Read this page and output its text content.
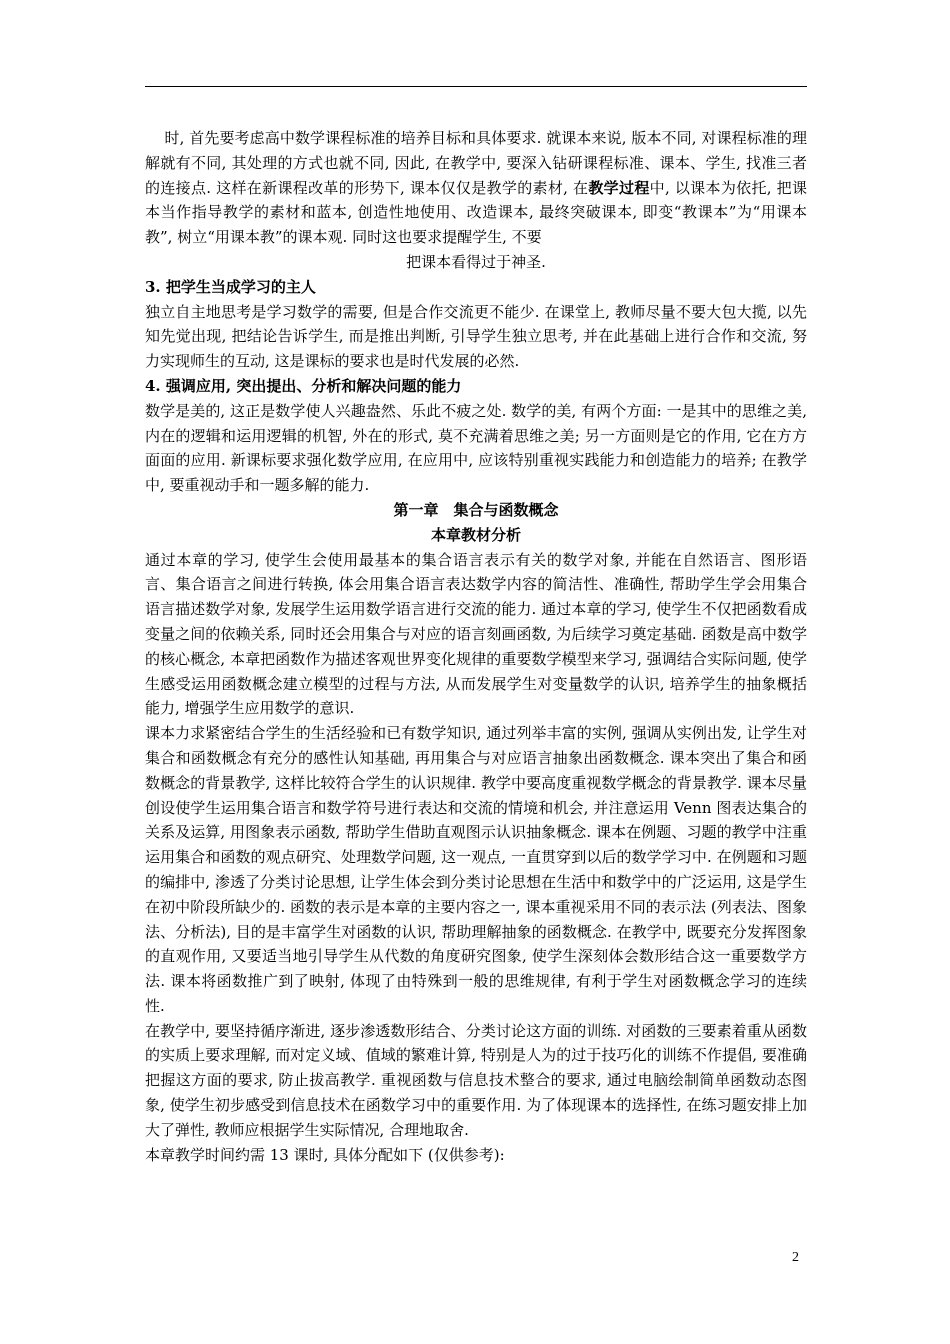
时, 首先要考虑高中数学课程标准的培养目标和具体要求. 就课本来说, 版本不同, 对课程标准的理解就有不同, 其处理的方式也就不同, 因此, 在教学中, 要深入钻研课程标准、课本、学生, 找准三者的连接点. 这样在新课程改革的形势下, 课本仅仅是教学的素材, 在教学过程中, 以课本为依托, 把课本当作指导教学的素材和蓝本, 创造性地使用、改造课本, 最终突破课本, 即变“教课本”为“用课本教”, 树立“用课本教”的课本观. 同时这也要求提醒学生, 不要

把课本看得过于神圣.

3. 把学生当成学习的主人

独立自主地思考是学习数学的需要, 但是合作交流更不能少. 在课堂上, 教师尽量不要大包大揽, 以先知先觉出现, 把结论告诉学生, 而是推出判断, 引导学生独立思考, 并在此基础上进行合作和交流, 努力实现师生的互动, 这是课标的要求也是时代发展的必然.

4. 强调应用, 突出提出、分析和解决问题的能力

数学是美的, 这正是数学使人兴趣盎然、乐此不疲之处. 数学的美, 有两个方面: 一是其中的思维之美, 内在的逻辑和运用逻辑的机智, 外在的形式, 莫不充满着思维之美; 另一方面则是它的作用, 它在方方面面的应用. 新课标要求强化数学应用, 在应用中, 应该特别重视实践能力和创造能力的培养; 在教学中, 要重视动手和一题多解的能力.

第一章　集合与函数概念

本章教材分析

通过本章的学习, 使学生会使用最基本的集合语言表示有关的数学对象, 并能在自然语言、图形语言、集合语言之间进行转换, 体会用集合语言表达数学内容的简洁性、准确性, 帮助学生学会用集合语言描述数学对象, 发展学生运用数学语言进行交流的能力. 通过本章的学习, 使学生不仅把函数看成变量之间的依赖关系, 同时还会用集合与对应的语言刻画函数, 为后续学习奠定基础. 函数是高中数学的核心概念, 本章把函数作为描述客观世界变化规律的重要数学模型来学习, 强调结合实际问题, 使学生感受运用函数概念建立模型的过程与方法, 从而发展学生对变量数学的认识, 培养学生的抽象概括能力, 增强学生应用数学的意识.

课本力求紧密结合学生的生活经验和已有数学知识, 通过列举丰富的实例, 强调从实例出发, 让学生对集合和函数概念有充分的感性认知基础, 再用集合与对应语言抽象出函数概念. 课本突出了集合和函数概念的背景教学, 这样比较符合学生的认识规律. 教学中要高度重视数学概念的背景教学. 课本尽量创设使学生运用集合语言和数学符号进行表达和交流的情境和机会, 并注意运用 Venn 图表达集合的关系及运算, 用图象表示函数, 帮助学生借助直观图示认识抽象概念. 课本在例题、习题的教学中注重运用集合和函数的观点研究、处理数学问题, 这一观点, 一直贯穿到以后的数学学习中. 在例题和习题的编排中, 渗透了分类讨论思想, 让学生体会到分类讨论思想在生活中和数学中的广泛运用, 这是学生在初中阶段所缺少的. 函数的表示是本章的主要内容之一, 课本重视采用不同的表示法 (列表法、图象法、分析法), 目的是丰富学生对函数的认识, 帮助理解抽象的函数概念. 在教学中, 既要充分发挥图象的直观作用, 又要适当地引导学生从代数的角度研究图象, 使学生深刻体会数形结合这一重要数学方法. 课本将函数推广到了映射, 体现了由特殊到一般的思维规律, 有利于学生对函数概念学习的连续性.

在教学中, 要坚持循序渐进, 逐步渗透数形结合、分类讨论这方面的训练. 对函数的三要素着重从函数的实质上要求理解, 而对定义域、值域的繁难计算, 特别是人为的过于技巧化的训练不作提倡, 要准确把握这方面的要求, 防止拔高教学. 重视函数与信息技术整合的要求, 通过电脑绘制简单函数动态图象, 使学生初步感受到信息技术在函数学习中的重要作用. 为了体现课本的选择性, 在练习题安排上加大了弹性, 教师应根据学生实际情况, 合理地取舍.

本章教学时间约需 13 课时, 具体分配如下 (仅供参考):

2
